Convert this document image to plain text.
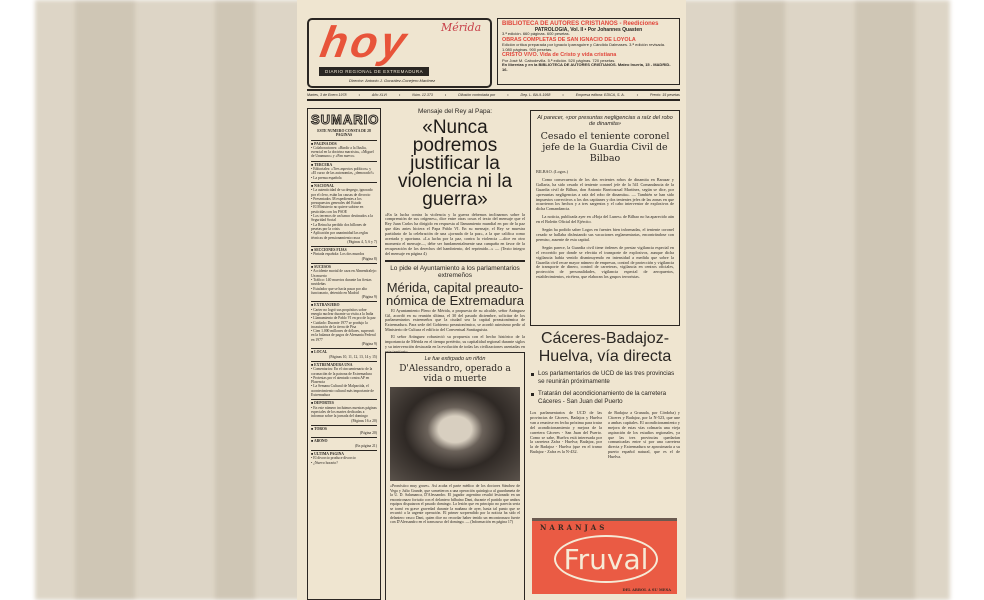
hoy	Mérida
DIARIO REGIONAL DE EXTREMADURA
Director: Antonio J. González-Conejero Martínez
BIBLIOTECA DE AUTORES CRISTIANOS - Reediciones
PATROLOGIA, Vol. II • Por Johannes Quasten
3.ª edición. 660 páginas. 600 pesetas.
OBRAS COMPLETAS DE SAN IGNACIO DE LOYOLA
Edición crítica preparada por Ignacio Iparraguirre y Cándido Dalmases. 3.ª edición revisada. 1.080 páginas. 900 pesetas.
CRISTO VIVO. Vida de Cristo y vida cristiana
Por José M. Cabodevilla. 5.ª edición. 520 páginas. 720 pesetas.
En librerías y en la BIBLIOTECA DE AUTORES CRISTIANOS. Mateo Inurria, 15 - MADRID-16.
Martes, 3 de Enero 1978	•	Año XLVI	•	Núm. 12.373	•	Difusión controlada por	•	Dep. L. BA-9-1958	•	Empresa editora: EDICA, S. A.	•	Precio: 15 pesetas
SUMARIO
ESTE NUMERO CONSTA DE 28 PAGINAS
■ PAGINA DOS
• Colaboraciones: «Rindir a la Iluslia, esencial en la doctrina marxista», «Miguel de Unamuno» y «Pan nuevo»
■ TERCERA
• Editoriales: «Tres aspectos políticos» y «El curso de las autonomías, ¿demorado?»
• La prensa española
■ NACIONAL
• La autenticidad de su despego, ignorado por el clero, están las causas de divorcio
• Presentados 38 expedientes a los presupuestos generales del Estado
• El Ministerio no quiere subirse en pesticidas con los PSOE
• Los terrenos de un banco destinados a la Seguridad Social
• La Reina ha perdido dos billones de pesetas por la crisis
• Aplicación por unanimidad las reglas técnicas de pensionamiento rasca
(Páginas 4, 5, 6 y 7)
■ SECCIONES FIJAS
• Pintada española: Los dos mundos
(Página 8)
■ SUCESOS
• Accidente mortal de caza en Almendralejo: Un muerto
• Tráfico: 140 muertos durante las fiestas navideñas
• Estafador que se hacía pasar por alto funcionario, detenido en Madrid
(Página 9)
■ EXTRANJERO
• Carter no logró sus propósitos sobre energía nuclear durante su visita a la India
• Llamamiento de Pablo VI en pro de la paz
• Cuidado: Durante 1977 se produjo la incautación de la tierra de Pisa
• Cien 1.000 millones de dólares, superavit en la balanza de pagos de Alemania Federal en 1977
(Página 9)
■ LOCAL
(Páginas 10, 11, 12, 13, 14 y 15)
■ EXTREMADURA UNA
• Comentarios: En el cincuentenario de la coronación de la patrona de Extremadura
• Protestas por el atentado contra AP en Plasencia
• La Semana Cultural de Malpartida, el acontecimiento cultural más importante de Extremadura
■ DEPORTES
• En este número incluimos nuestras páginas especiales de los martes dedicadas a informar sobre la jornada del domingo
(Páginas 16 a 20)
■ TOROS
(Página 20)
■ ABONO
(En página 21)
■ ULTIMA PAGINA
• El divorcio produce divorcio
• ¿Nuevo horario?
Mensaje del Rey al Papa:
«Nunca podremos justificar la violencia ni la guerra»
«En la lucha contra la violencia y la guerra debemos inclinarnos sobre la comprensión de sus orígenes», dice entre otras cosas el texto del mensaje que el Rey Juan Carlos ha dirigido en respuesta al llamamiento mundial en pro de la paz que días antes hiciera el Papa Pablo VI. En su mensaje, el Rey se muestra partidario de la celebración de una «jornada de la paz», a la que califica como acertada y oportuna. «La lucha por la paz, contra la violencia —dice en otro momento el mensaje—, debe ser fundamentalmente una campaña en favor de la recuperación de los derechos del hambriento, del reprimido...» — (Texto íntegro del mensaje en página 4)
Lo pide el Ayuntamiento a los parlamentarios extremeños
Mérida, capital preauto-nómica de Extremadura
El Ayuntamiento Pleno de Mérida, a propuesta de su alcalde, señor Aránguez Gil, acordó en su reunión última, el 30 del pasado diciembre, solicitar de los parlamentarios extremeños que la ciudad sea la capital preautonómica de Extremadura. Para sede del Gobierno preautonómico, se acordó asimismo pedir al Ministerio de Cultura el edificio del Conventual Santiaguista.
El señor Aránguez robusteció su propuesta con el hecho histórico de la importancia de Mérida en el tiempo pretérito, su capitalidad regional durante siglos y su intervención destacada en la evolución de todas las civilizaciones asentadas en este territorio.
Le fue extirpado un riñón
D'Alessandro, operado a vida o muerte
«Pronóstico muy grave». Así acaba el parte médico de los doctores Sánchez de Vega y Julio Grande, que sometieron a una operación quirúrgica al guardameta de la U. D. Salamanca, D'Alessandro. El jugador argentino resultó lesionado en un encontronazo fortuito con el delantero bilbaíno Dani, durante el partido que ambos equipos disputaron el pasado domingo. La lesión que en principio no parecía seria se tornó en grave gravedad durante la mañana de ayer, hasta tal punto que se recurrió a la urgente operación. El primer sorprendido por la noticia ha sido el delantero vasco Dani, quien dice no recordar haber tenido un encontronazo fuerte con D'Alessandro en el transcurso del domingo. — (Información en página 17)
Al parecer, «por presuntas negligencias a raíz del robo de dinamita»
Cesado el teniente coronel jefe de la Guardia Civil de Bilbao
BILBAO. (Logos.)
Como consecuencia de los dos recientes robos de dinamita en Barazar y Gallarta, ha sido cesado el teniente coronel jefe de la 541 Comandancia de la Guardia civil de Bilbao, don Antonio Barrioacual Martínez, según se dice, por «presuntas negligencias a raíz del robo de dinamita». — También se han sido impuestos correctivos a los dos capitanes y dos tenientes jefes de las zonas en que ocurrieron los hechos y a tres sargentos y el cabo interventor de explosivos de dicha Comandancia.
La noticia, publicada ayer en «Hoja del Lunes» de Bilbao no ha aparecido aún en el Boletín Oficial del Ejército.
Según ha podido saber Logos en fuentes bien informadas, el teniente coronel cesado se hallaba disfrutando sus vacaciones reglamentarias, encontrándose con permiso, ausente de esta capital.
Según parece, la Guardia civil tiene órdenes de prestar vigilancia especial en el recorrido por donde se efectúa el transporte de explosivos, aunque dicha vigilancia había venido disminuyendo en intensidad a medida que sobre la Guardia civil recae mayor número de empresas, control de protección y vigilancia de transporte de dinero, control de carreteras, vigilancia en centros oficiales, protección de personalidades, vigilancia especial de aeropuertos, establecimientos, etcétera, que elaboran los grupos terroristas.
Cáceres-Badajoz-Huelva, vía directa
Los parlamentarios de UCD de las tres provincias se reunirán próximamente
Tratarán del acondicionamiento de la carretera Cáceres - San Juan del Puerto
Los parlamentarios de UCD de las provincias de Cáceres, Badajoz y Huelva van a reunirse en fecha próxima para tratar del acondicionamiento y mejora de la carretera Cáceres - San Juan del Puerto. Como se sabe, Huelva está interesada por la carretera Zafra - Huelva; Badajoz, por la de Badajoz - Huelva (que en el tramo Badajoz - Zafra es la N-432.
de Badajoz a Granada, por Córdoba) y Cáceres y Badajoz, por la N-523, que une a ambas capitales. El acondicionamiento y mejora de estas vías colmaría una vieja aspiración de los estudios regionales, ya que las tres provincias quedarían comunicadas entre sí por una carretera directa y Extremadura se aproximaría a su puerto español natural, que es el de Huelva.
NARANJAS
Fruval
DEL ARBOL A SU MESA
